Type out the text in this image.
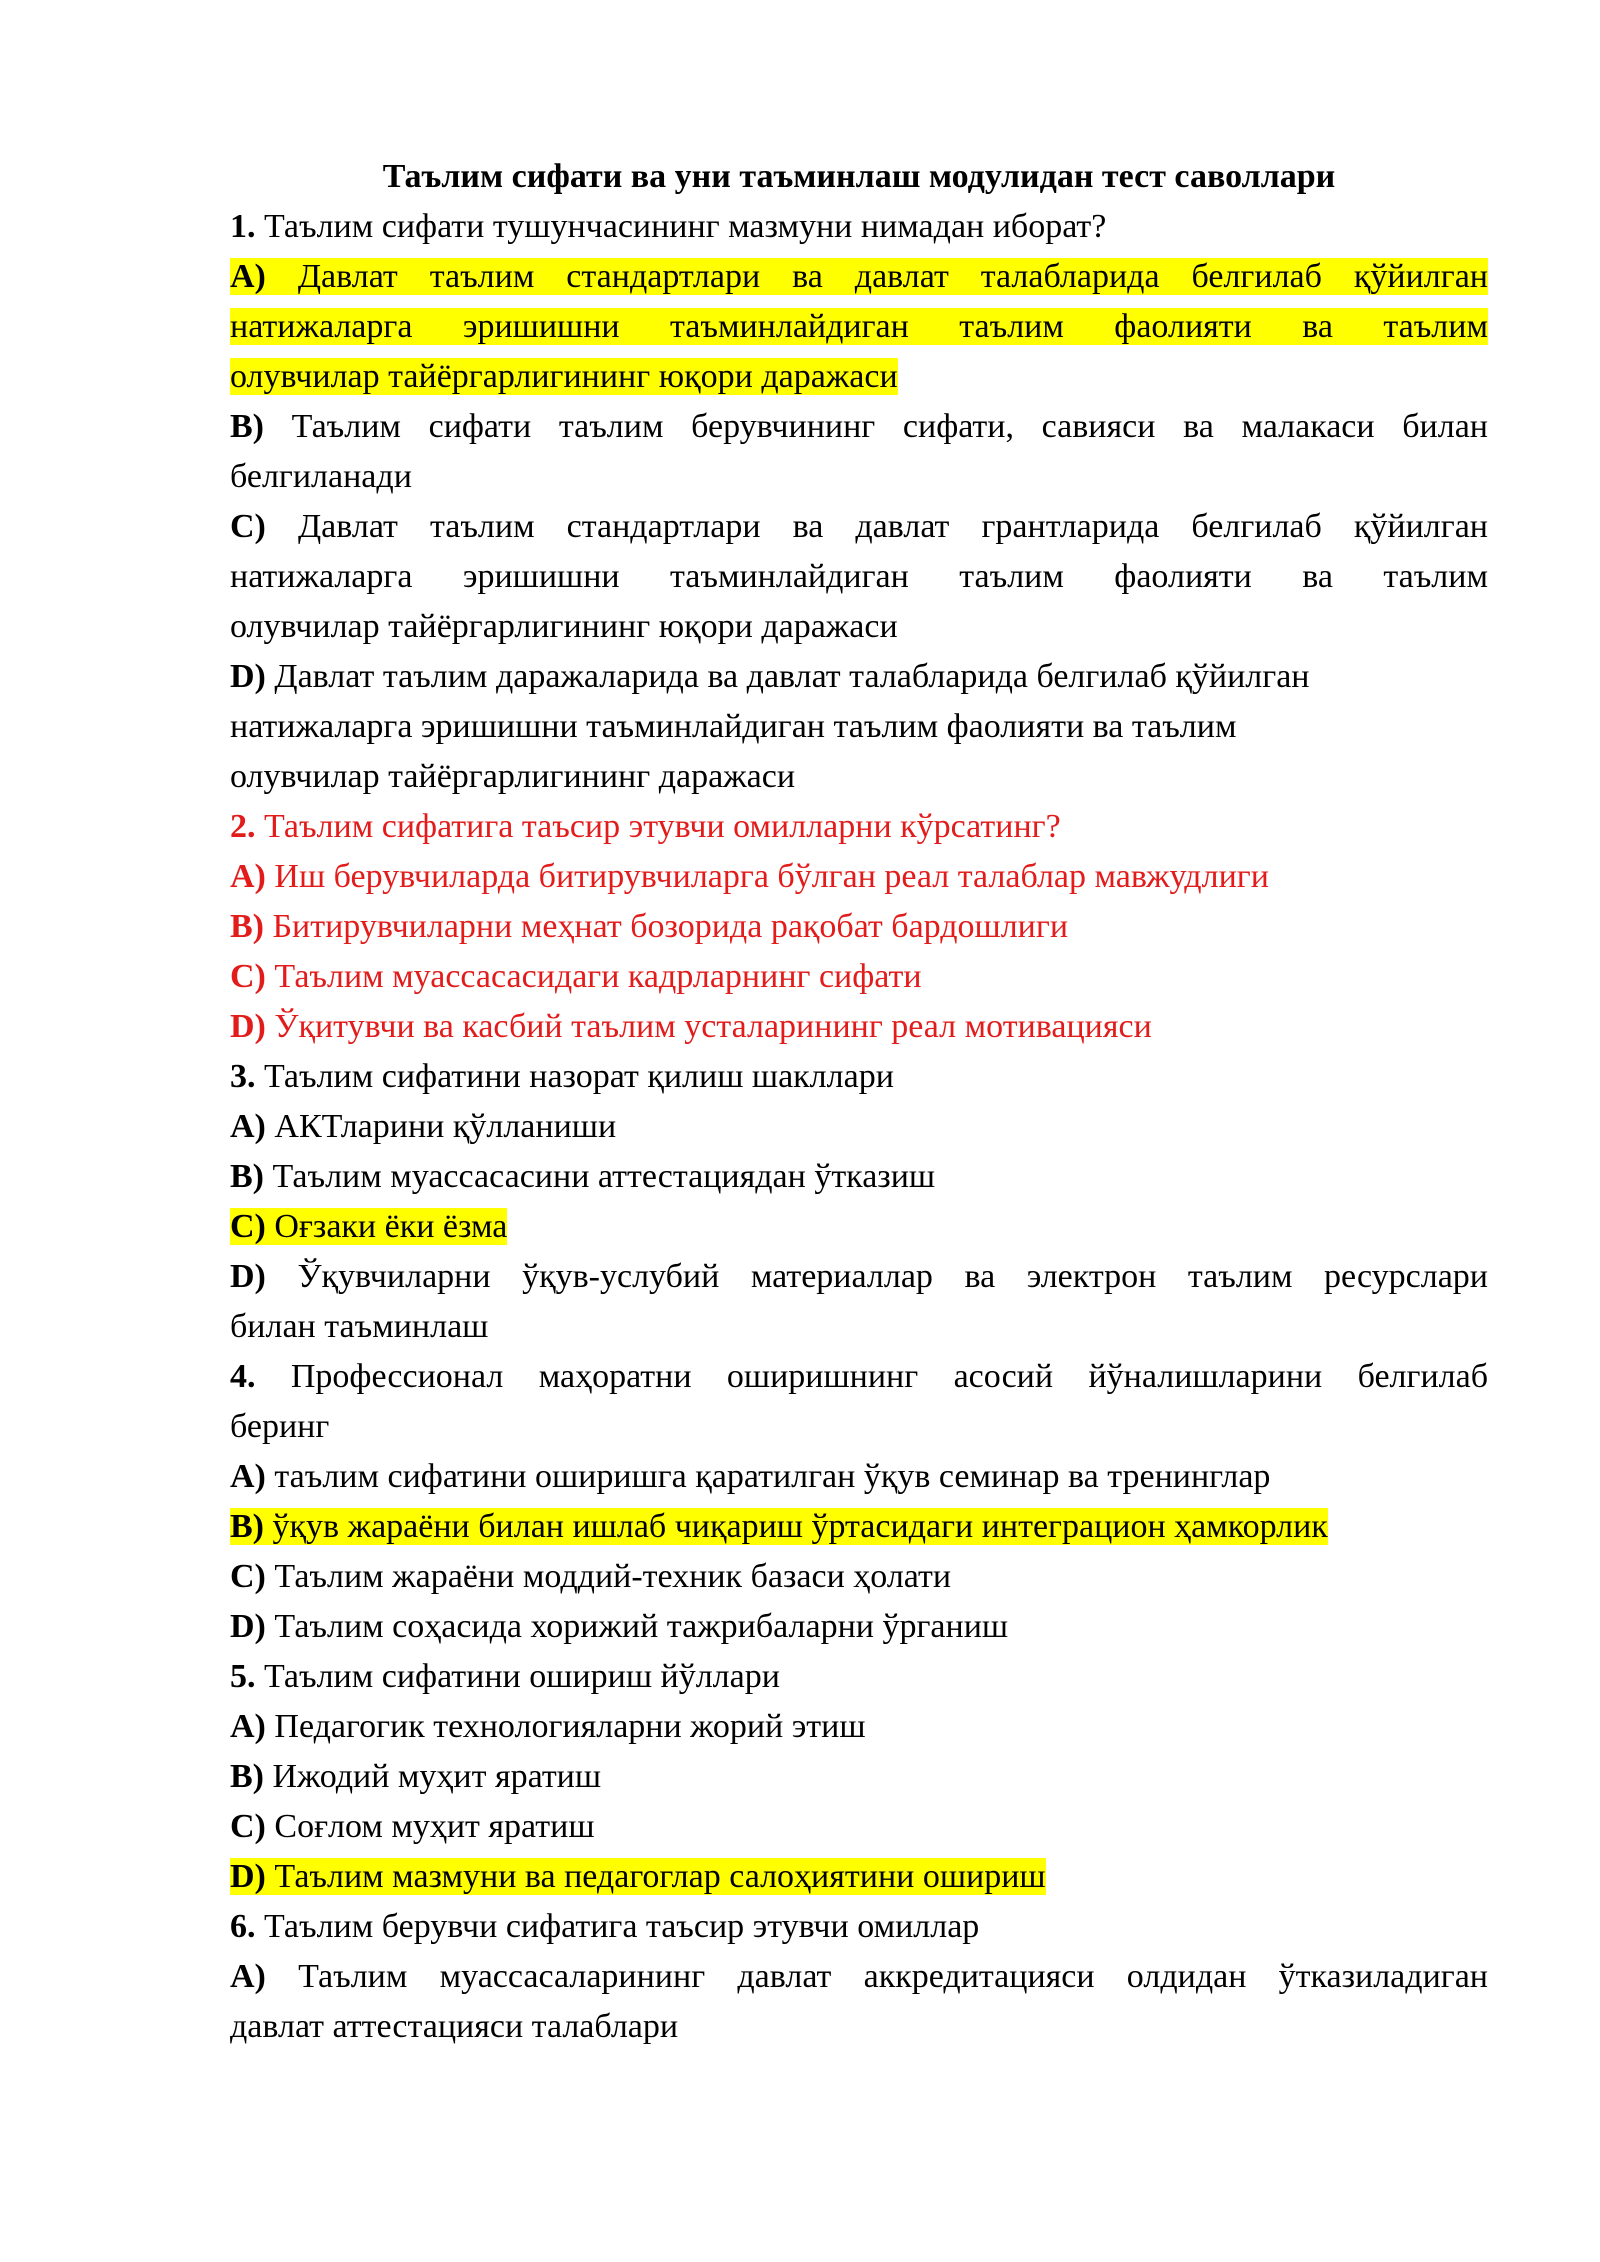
Таълим сифати ва уни таъминлаш модулидан тест саволлари
1. Таълим сифати тушунчасининг мазмуни нимадан иборат?
A) Давлат таълим стандартлари ва давлат талабларида белгилаб қўйилган
натижаларга эришишни таъминлайдиган таълим фаолияти ва таълим
олувчилар тайёргарлигининг юқори даражаси
B) Таълим сифати таълим берувчининг сифати, савияси ва малакаси билан
белгиланади
C) Давлат таълим стандартлари ва давлат грантларида белгилаб қўйилган
натижаларга эришишни таъминлайдиган таълим фаолияти ва таълим
олувчилар тайёргарлигининг юқори даражаси
D) Давлат таълим даражаларида ва давлат талабларида белгилаб қўйилган
натижаларга эришишни таъминлайдиган таълим фаолияти ва таълим
олувчилар тайёргарлигининг даражаси
2. Таълим сифатига таъсир этувчи омилларни кўрсатинг?
A) Иш берувчиларда битирувчиларга бўлган реал талаблар мавжудлиги
B) Битирувчиларни меҳнат бозорида рақобат бардошлиги
C) Таълим муассасасидаги кадрларнинг сифати
D) Ўқитувчи ва касбий таълим усталарининг реал мотивацияси
3. Таълим сифатини назорат қилиш шакллари
A) АКТларини қўлланиши
B) Таълим муассасасини аттестациядан ўтказиш
C) Оғзаки ёки ёзма
D) Ўқувчиларни ўқув-услубий материаллар ва электрон таълим ресурслари
билан таъминлаш
4. Профессионал маҳоратни оширишнинг асосий йўналишларини белгилаб
беринг
A) таълим сифатини оширишга қаратилган ўқув семинар ва тренинглар
B) ўқув жараёни билан ишлаб чиқариш ўртасидаги интеграцион ҳамкорлик
C) Таълим жараёни моддий-техник базаси ҳолати
D) Таълим соҳасида хорижий тажрибаларни ўрганиш
5. Таълим сифатини ошириш йўллари
A) Педагогик технологияларни жорий этиш
B) Ижодий муҳит яратиш
C) Соғлом муҳит яратиш
D) Таълим мазмуни ва педагоглар салоҳиятини ошириш
6. Таълим берувчи сифатига таъсир этувчи омиллар
A) Таълим муассасаларининг давлат аккредитацияси олдидан ўтказиладиган
давлат аттестацияси талаблари
